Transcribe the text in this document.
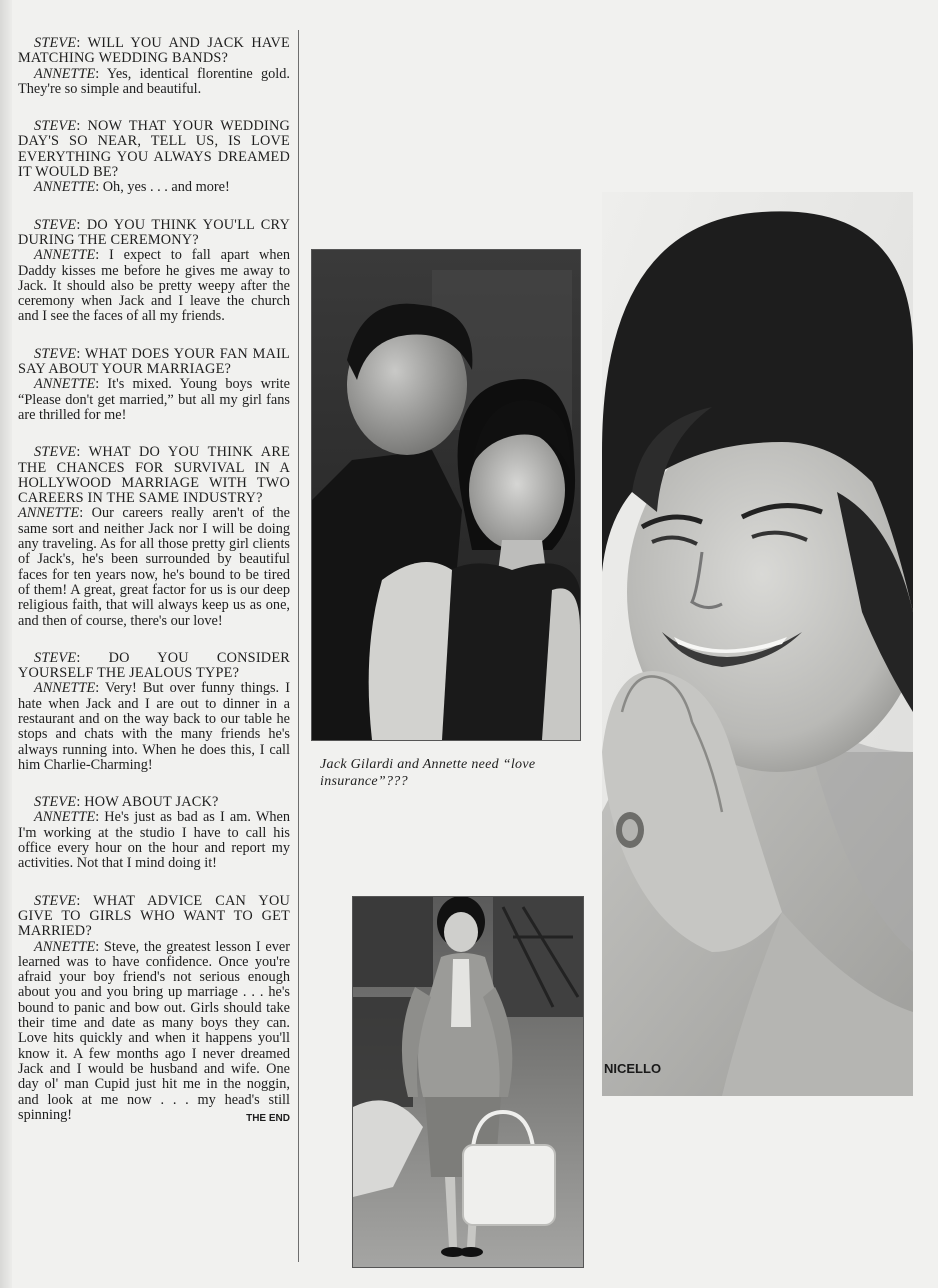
STEVE: WILL YOU AND JACK HAVE MATCHING WEDDING BANDS?
ANNETTE: Yes, identical florentine gold. They're so simple and beautiful.
STEVE: NOW THAT YOUR WEDDING DAY'S SO NEAR, TELL US, IS LOVE EVERYTHING YOU ALWAYS DREAMED IT WOULD BE?
ANNETTE: Oh, yes . . . and more!
STEVE: DO YOU THINK YOU'LL CRY DURING THE CEREMONY?
ANNETTE: I expect to fall apart when Daddy kisses me before he gives me away to Jack. It should also be pretty weepy after the ceremony when Jack and I leave the church and I see the faces of all my friends.
STEVE: WHAT DOES YOUR FAN MAIL SAY ABOUT YOUR MARRIAGE?
ANNETTE: It's mixed. Young boys write “Please don't get married,” but all my girl fans are thrilled for me!
STEVE: WHAT DO YOU THINK ARE THE CHANCES FOR SURVIVAL IN A HOLLYWOOD MARRIAGE WITH TWO CAREERS IN THE SAME INDUSTRY?
ANNETTE: Our careers really aren't of the same sort and neither Jack nor I will be doing any traveling. As for all those pretty girl clients of Jack's, he's been surrounded by beautiful faces for ten years now, he's bound to be tired of them! A great, great factor for us is our deep religious faith, that will always keep us as one, and then of course, there's our love!
STEVE: DO YOU CONSIDER YOURSELF THE JEALOUS TYPE?
ANNETTE: Very! But over funny things. I hate when Jack and I are out to dinner in a restaurant and on the way back to our table he stops and chats with the many friends he's always running into. When he does this, I call him Charlie-Charming!
STEVE: HOW ABOUT JACK?
ANNETTE: He's just as bad as I am. When I'm working at the studio I have to call his office every hour on the hour and report my activities. Not that I mind doing it!
STEVE: WHAT ADVICE CAN YOU GIVE TO GIRLS WHO WANT TO GET MARRIED?
ANNETTE: Steve, the greatest lesson I ever learned was to have confidence. Once you're afraid your boy friend's not serious enough about you and you bring up marriage . . . he's bound to panic and bow out. Girls should take their time and date as many boys they can. Love hits quickly and when it happens you'll know it. A few months ago I never dreamed Jack and I would be husband and wife. One day ol' man Cupid just hit me in the noggin, and look at me now . . . my head's still spinning!	THE END
Jack Gilardi and Annette need “love insurance”???
NICELLO
